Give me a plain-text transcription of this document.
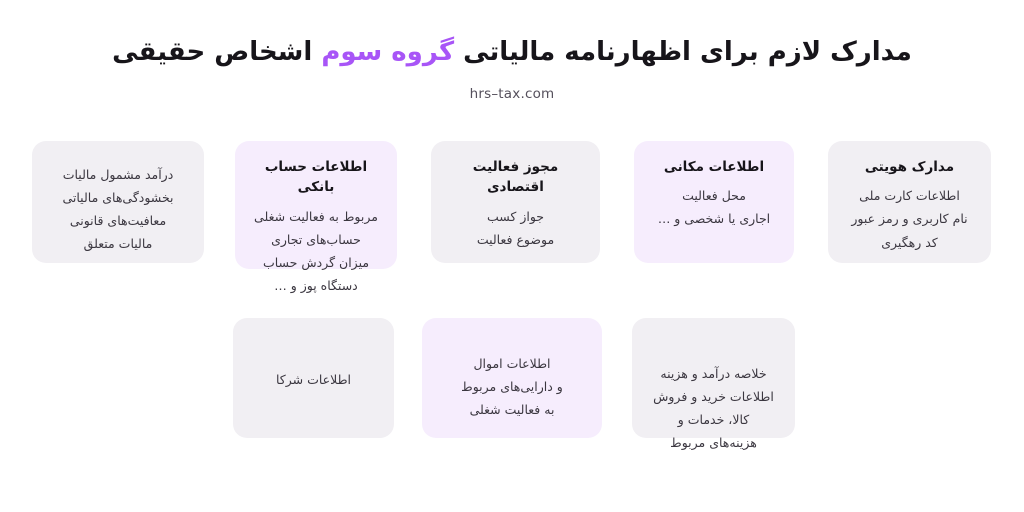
مدارک لازم برای اظهارنامه مالیاتی گروه سوم اشخاص حقیقی
hrs–tax.com
مدارک هویتی
اطلاعات کارت ملی
نام کاربری و رمز عبور
کد رهگیری
اطلاعات مکانی
محل فعالیت
اجاری یا شخصی و …
مجوز فعالیت اقتصادی
جواز کسب
موضوع فعالیت
اطلاعات حساب بانکی
مربوط به فعالیت شغلی
حساب‌های تجاری
میزان گردش حساب
دستگاه پوز و …
درآمد مشمول مالیات
بخشودگی‌های مالیاتی
معافیت‌های قانونی
مالیات متعلق
خلاصه درآمد و هزینه
اطلاعات خرید و فروش
کالا، خدمات و
هزینه‌های مربوط
اطلاعات اموال
و دارایی‌های مربوط
به فعالیت شغلی
اطلاعات شرکا
